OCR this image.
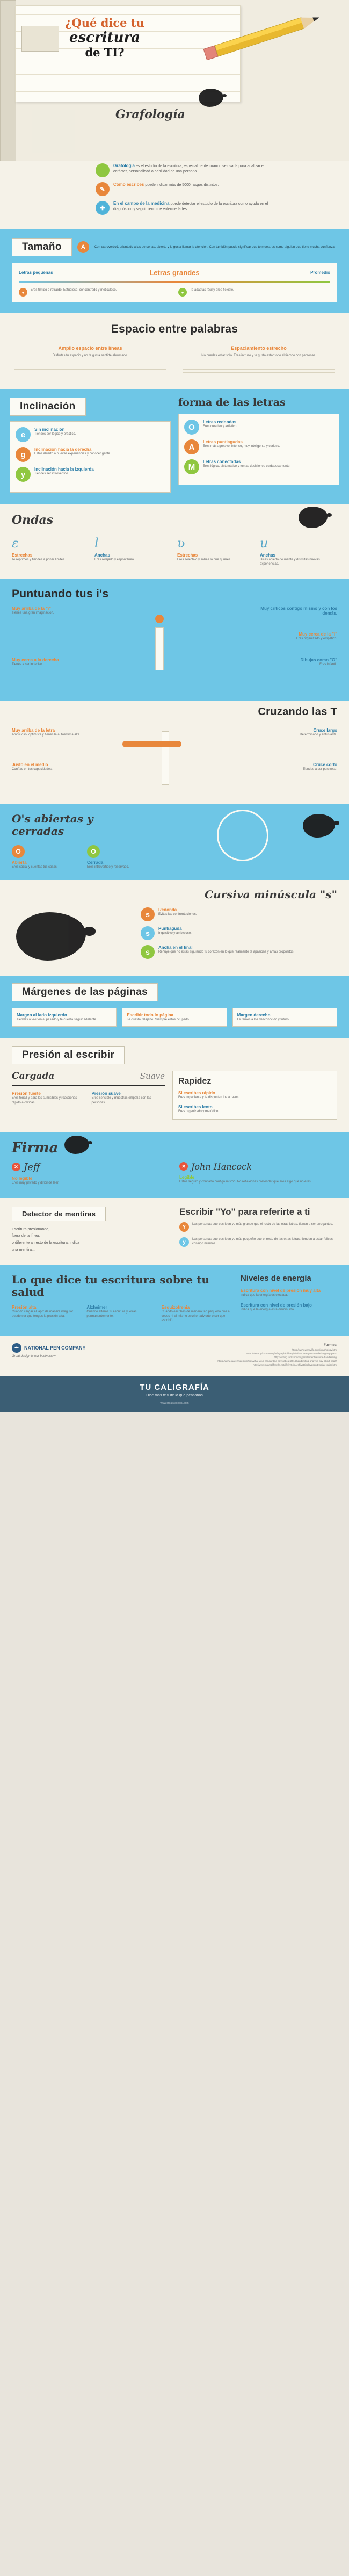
¿Qué dice tu
escritura
de TI?
Grafología
≡
Grafología es el estudio de la escritura, especialmente cuando se usada para analizar el carácter, personalidad o habilidad de una persona.
✎
Cómo escribes puede indicar más de 5000 rasgos distintos.
✚
En el campo de la medicina puede detectar el estudio de la escritura como ayuda en el diagnóstico y seguimiento de enfermedades.
Tamaño	A	Con extroverticó, orientado a las personas, abierto y le gusta llamar la atención. Con también puede significar que te muestras como alguien que tiene mucha confianza.
Letras pequeñas	Letras grandes	Promedio
●	Eres tímido o retraído. Estudioso, concentrado y meticuloso.	●	Te adaptas fácil y eres flexible.
Espacio entre palabras
Amplio espacio entre líneas
Disfrutas tu espacio y no te gusta sentirte abrumado.
Espaciamiento estrecho
No puedes estar solo. Eres intruso y te gusta estar todo el tiempo con personas.
Inclinación
e
Sin inclinación
Tiendes ser lógico y práctico.
g
Inclinación hacia la derecha
Estás abierto a nuevas experiencias y conocer gente.
y
Inclinación hacia la izquierda
Tiendes ser introvertido.
forma de las letras
O
Letras redondas
Eres creativo y artístico.
A
Letras puntiagudas
Eres más agresivo, intenso, muy inteligente y curioso.
M
Letras conectadas
Eres lógico, sistemático y tomas decisiones cuidadosamente.
Ondas
ɛ
Estrechas
Te reprimes y tiendes a poner límites.
l
Anchas
Eres relajado y espontáneo.
ʋ
Estrechas
Eres selectivo y sabes lo que quieres.
u
Anchas
Dices abierto de mente y disfrutas nuevas experiencias.
Puntuando tus i's
Muy arriba de la "i"
Tienes una gran imaginación.
Muy críticos contigo mismo y con los demás.
Muy cerca de la "i"
Eres organizado y empático.
Dibujas como "O"
Eres infantil.
Muy cerca a la derecha
Tienes a ser indeciso.
Cruzando las T
Muy arriba de la letra
Ambicioso, optimista y tienes la autoestima alta.
Cruce largo
Determinado y entusiasta.
Justo en el medio
Confías en tus capacidades.
Cruce corto
Tiendes a ser perezoso.
O's abiertas y cerradas
O
Abierta
Eres social y cuentas tus cosas.
O
Cerrada
Eres introvertido y reservado.
Cursiva minúscula "s"
s
Redonda
Evitas las confrontaciones.
s
Puntiaguda
Inquisitivo y ambicioso.
s
Ancha en el final
Rehúye que no estás siguiendo tu corazón en lo que realmente te apasiona y amas propósitos.
Márgenes de las páginas
Margen al lado izquierdo
Tiendes a vivir en el pasado y te cuesta seguir adelante.
Escribir todo lo página
Te cuesta relajarte. Siempre estás ocupado.
Margen derecho
Le temes a los desconocido y futuro.
Presión al escribir
Cargada	Suave
Presión fuerte
Eres tenaz y para los sumisibles y reaccionas rápido a críticas.
Presión suave
Eres sensible y muestras empatía con las personas.
Rapidez
Si escribes rápido
Eres impaciente y te disgustan los atrasos.
Si escribes lento
Eres organizado y metódico.
Firma
✕ Jeff
No legible
Eres muy privado y difícil de leer.
✕ John Hancock
Legible
Estás seguro y confiado contigo mismo. No reflexionas pretender que eres algo que no eres.
Detector de mentiras
Escritura presionando,
fuera de la línea,
o diferente al resto de la escritura, indica
una mentira...
Escribir "Yo" para referirte a ti
Y	Las personas que escriben yo más grande que el resto de las otras letras, tienen a ser arrogantes.
y	Las personas que escriben yo más pequeño que el resto de las otras letras, tienden a estar felices consigo mismas.
Lo que dice tu escritura sobre tu salud
Presión alta
Cuando cargar el lápiz de manera irregular puede ser que tengas la presión alta.
Alzheimer
Cuando alteras tu escritura y letras permanentemente.
Esquizofrenia
Cuando escribes de manera tan pequeña que a veces ni el mismo escritor advierte o ser que escribió.
Niveles de energía
Escritura con nivel de presión muy alta
indica que la energía es elevada.
Escritura con nivel de presión bajo
indica que la energía está disminuida.
✒	NATIONAL PEN COMPANY
Great design is our business™
Fuentes:
https://www.wemylife.com/graphology.html
https://visual.ly/community/infographic/lifestyle/what-does-your-handwriting-say-you-0
http://writing.rocksoncom.jp/statement/resume-handwriting/
https://www.suarezmail.com/files/what-your-handwriting-says-about-2014/handwriting-analysis-say-about-health
http://www.suarezlifestyle.net/life/ArticleArchiveDisplayaspx/DisplayHealth.html
TU CALIGRAFÍA
Dice más te ti de lo que pensabas
www.creativasocial.com
